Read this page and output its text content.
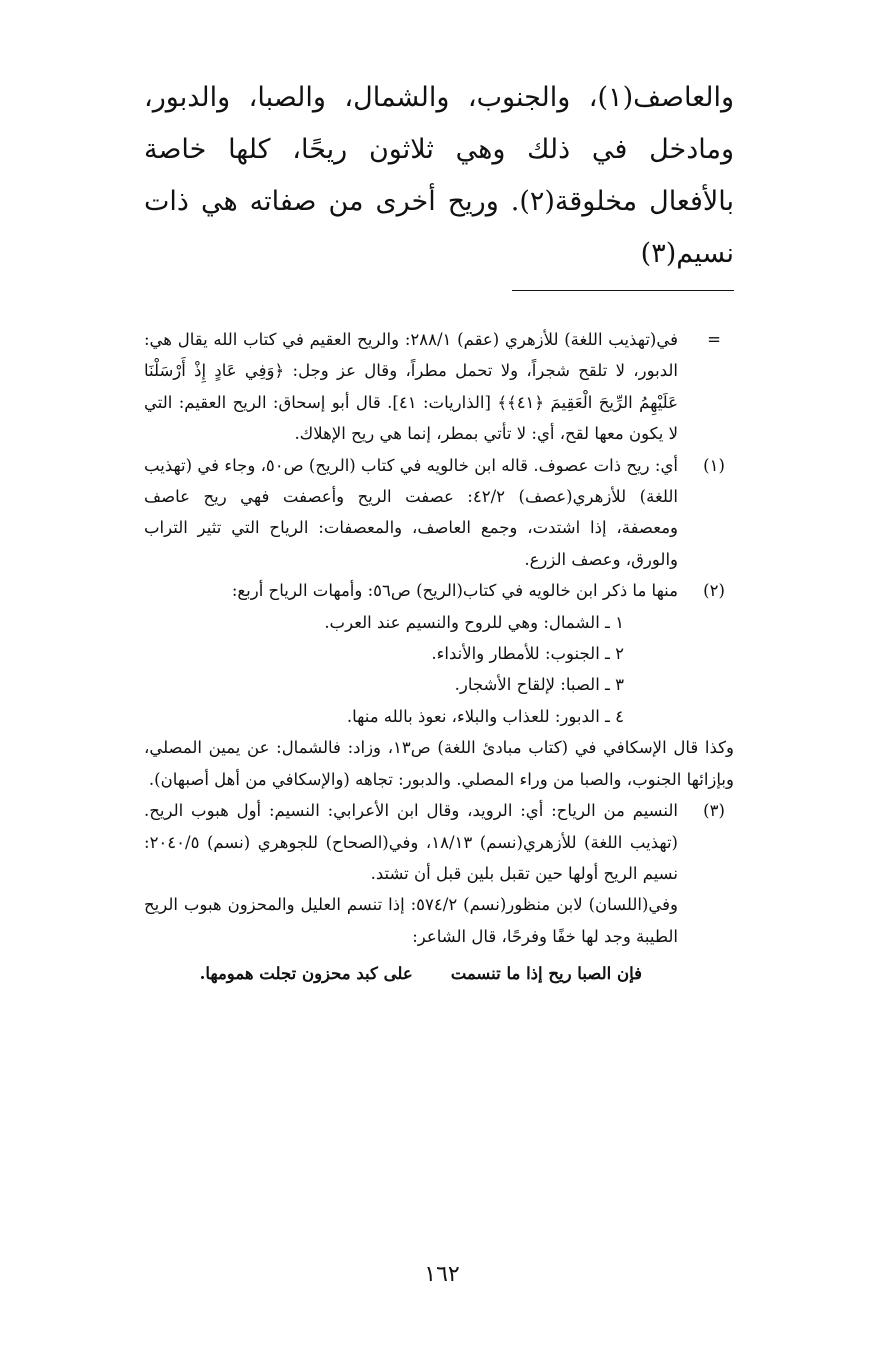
والعاصف(١)، والجنوب، والشمال، والصبا، والدبور، ومادخل في ذلك وهي ثلاثون ريحًا، كلها خاصة بالأفعال مخلوقة(٢). وريح أخرى من صفاته هي ذات نسيم(٣)

=

في(تهذيب اللغة) للأزهري (عقم) ٢٨٨/١: والريح العقيم في كتاب الله يقال هي: الدبور، لا تلقح شجراً، ولا تحمل مطراً، وقال عز وجل: ﴿وَفِي عَادٍ إِذْ أَرْسَلْنَا عَلَيْهِمُ الرِّيحَ الْعَقِيمَ ﴿٤١﴾﴾ [الذاريات: ٤١]. قال أبو إسحاق: الريح العقيم: التي لا يكون معها لقح، أي: لا تأتي بمطر، إنما هي ريح الإهلاك.

(١)

أي: ريح ذات عصوف. قاله ابن خالويه في كتاب (الريح) ص٥٠، وجاء في (تهذيب اللغة) للأزهري(عصف) ٤٢/٢: عصفت الريح وأعصفت فهي ريح عاصف ومعصفة، إذا اشتدت، وجمع العاصف، والمعصفات: الرياح التي تثير التراب والورق، وعصف الزرع.

(٢)

منها ما ذكر ابن خالويه في كتاب(الريح) ص٥٦: وأمهات الرياح أربع:

١ ـ الشمال: وهي للروح والنسيم عند العرب.
٢ ـ الجنوب: للأمطار والأنداء.
٣ ـ الصبا: لإلقاح الأشجار.
٤ ـ الدبور: للعذاب والبلاء، نعوذ بالله منها.

وكذا قال الإسكافي في (كتاب مبادئ اللغة) ص١٣، وزاد: فالشمال: عن يمين المصلي، وبإزائها الجنوب، والصبا من وراء المصلي. والدبور: تجاهه (والإسكافي من أهل أصبهان).

(٣)

النسيم من الرياح: أي: الرويد، وقال ابن الأعرابي: النسيم: أول هبوب الريح. (تهذيب اللغة) للأزهري(نسم) ١٨/١٣، وفي(الصحاح) للجوهري (نسم) ٢٠٤٠/٥: نسيم الريح أولها حين تقبل بلين قبل أن تشتد.

وفي(اللسان) لابن منظور(نسم) ٥٧٤/٢: إذا تنسم العليل والمحزون هبوب الريح الطيبة وجد لها خفًا وفرحًا، قال الشاعر:

فإن الصبا ريح إذا ما تنسمتعلى كبد محزون تجلت همومها.
١٦٢
